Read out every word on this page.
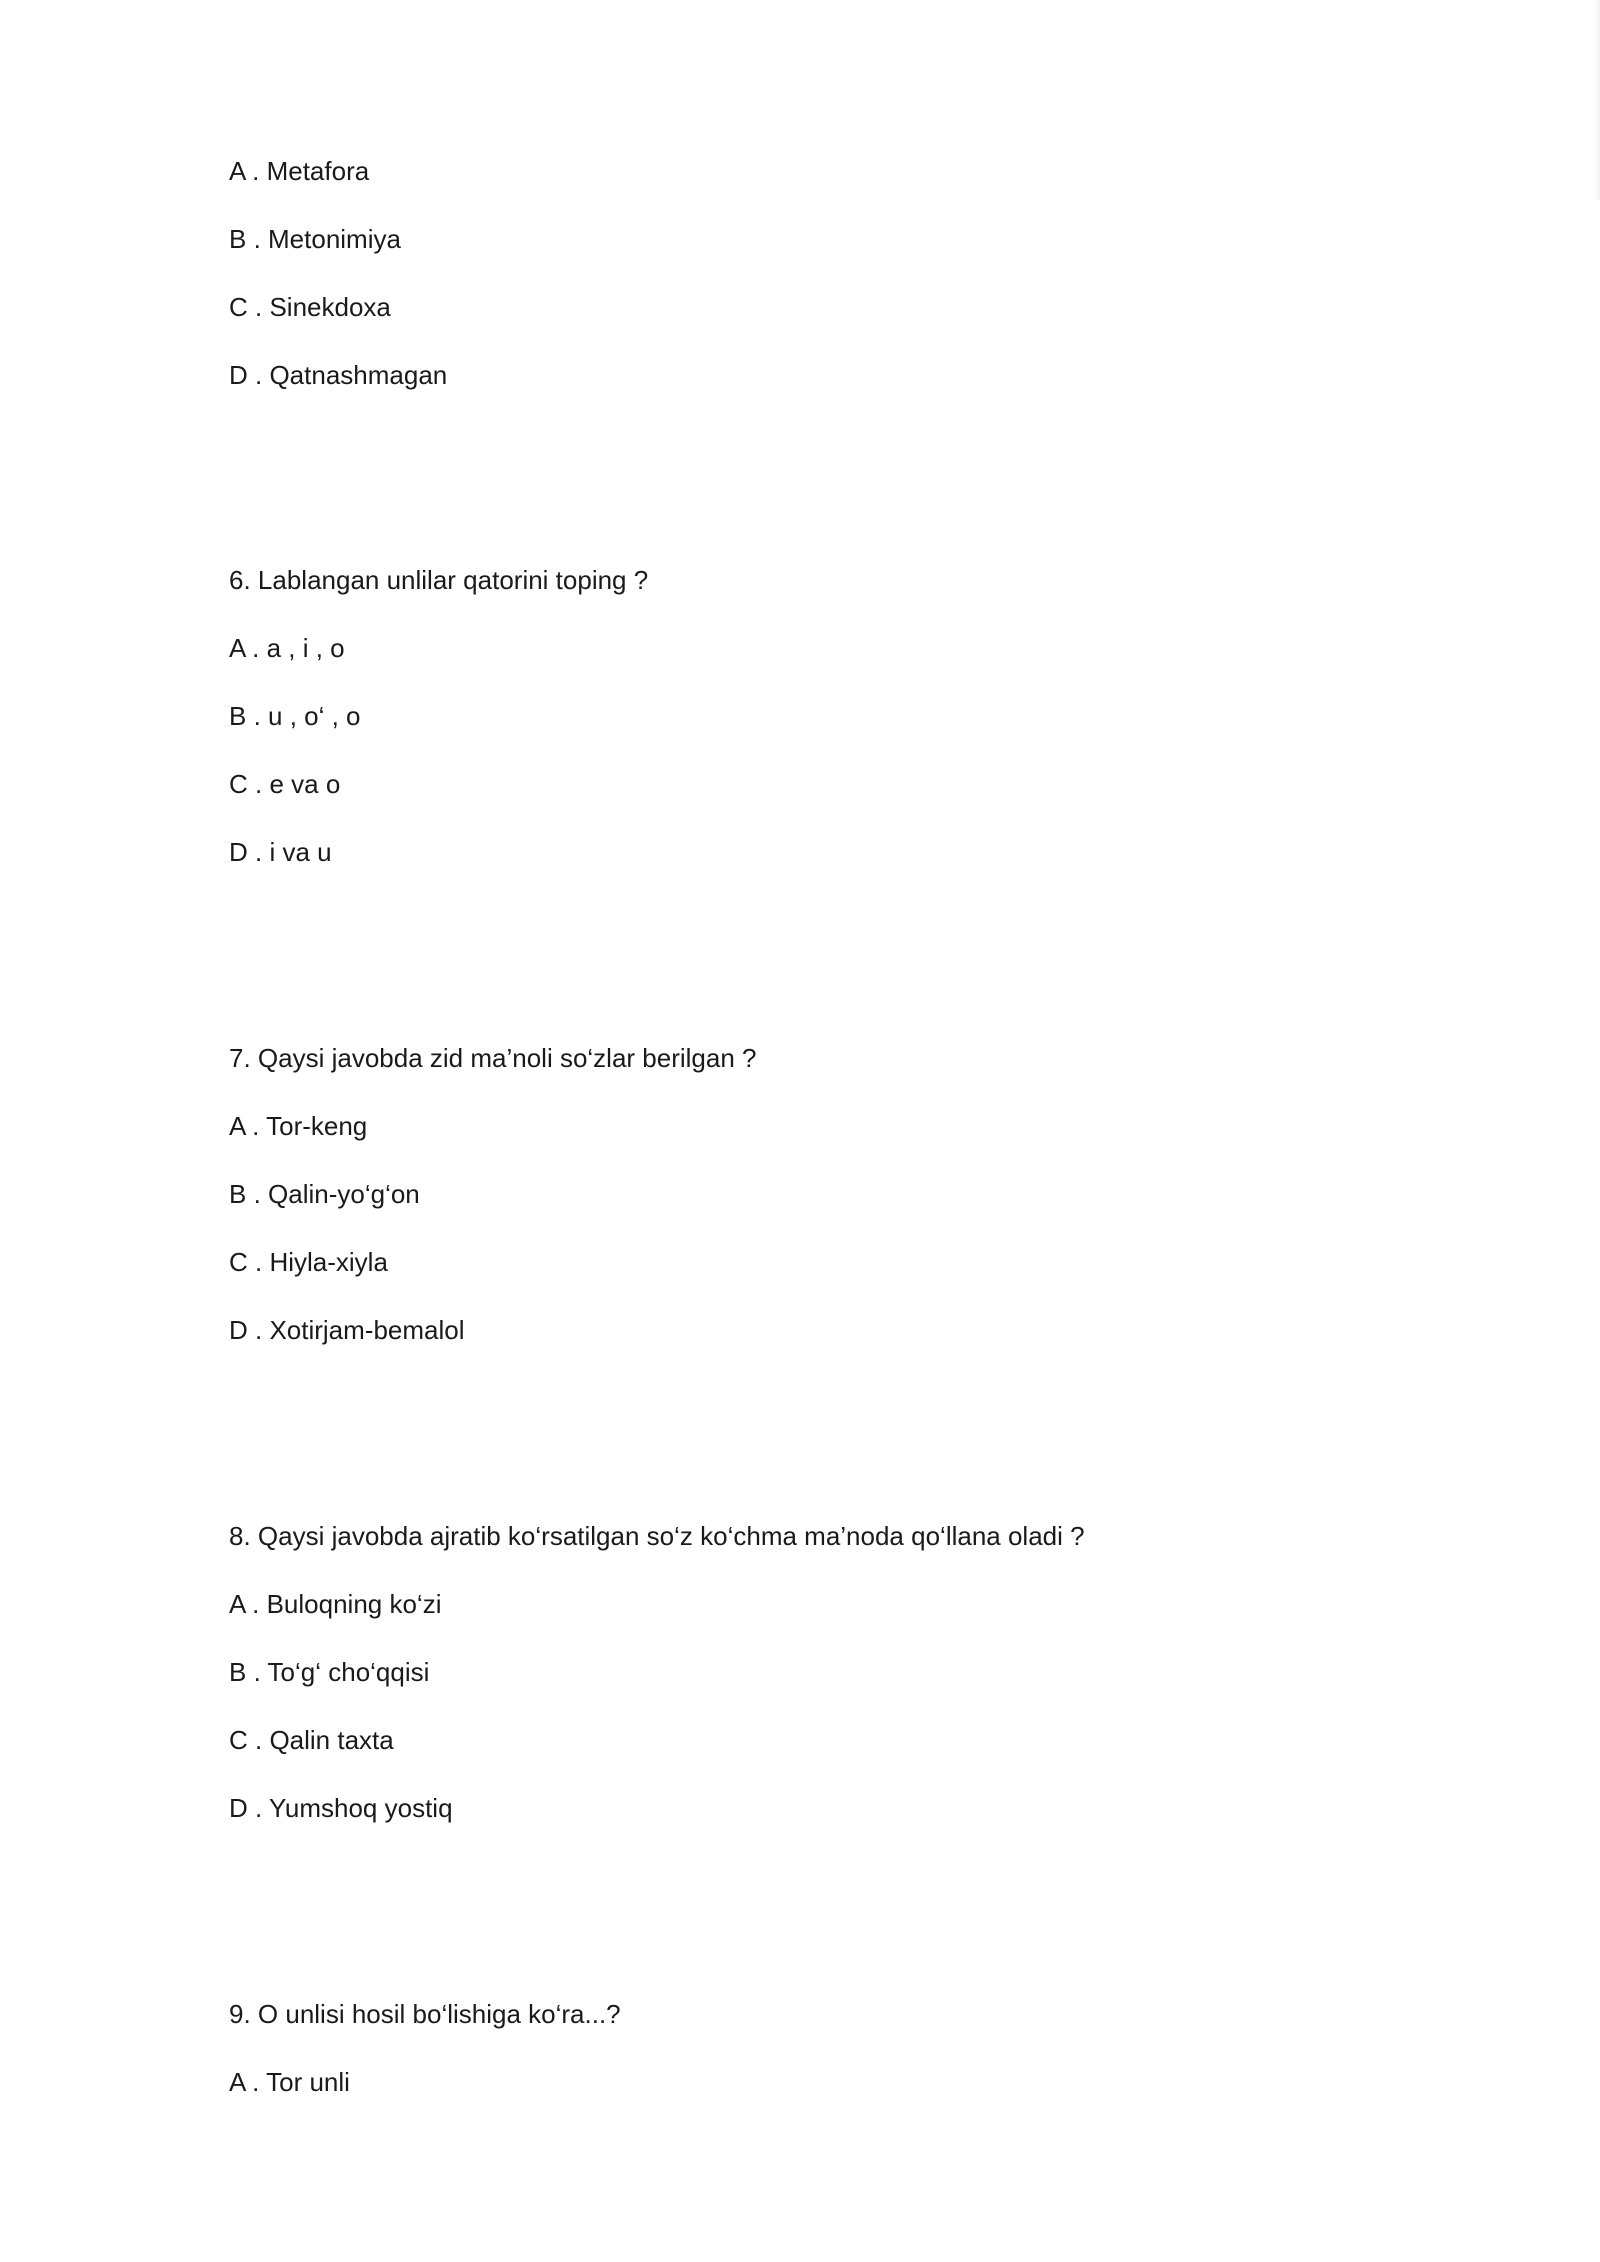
A . Metafora
B . Metonimiya
C . Sinekdoxa
D . Qatnashmagan
6. Lablangan unlilar qatorini toping ?
A . a , i , o
B . u , o‘ , o
C . e va o
D . i va u
7. Qaysi javobda zid ma’noli so‘zlar berilgan ?
A . Tor-keng
B . Qalin-yo‘g‘on
C . Hiyla-xiyla
D . Xotirjam-bemalol
8. Qaysi javobda ajratib ko‘rsatilgan so‘z ko‘chma ma’noda qo‘llana oladi ?
A . Buloqning ko‘zi
B . To‘g‘ cho‘qqisi
C . Qalin taxta
D . Yumshoq yostiq
9. O unlisi hosil bo‘lishiga ko‘ra...?
A . Tor unli
